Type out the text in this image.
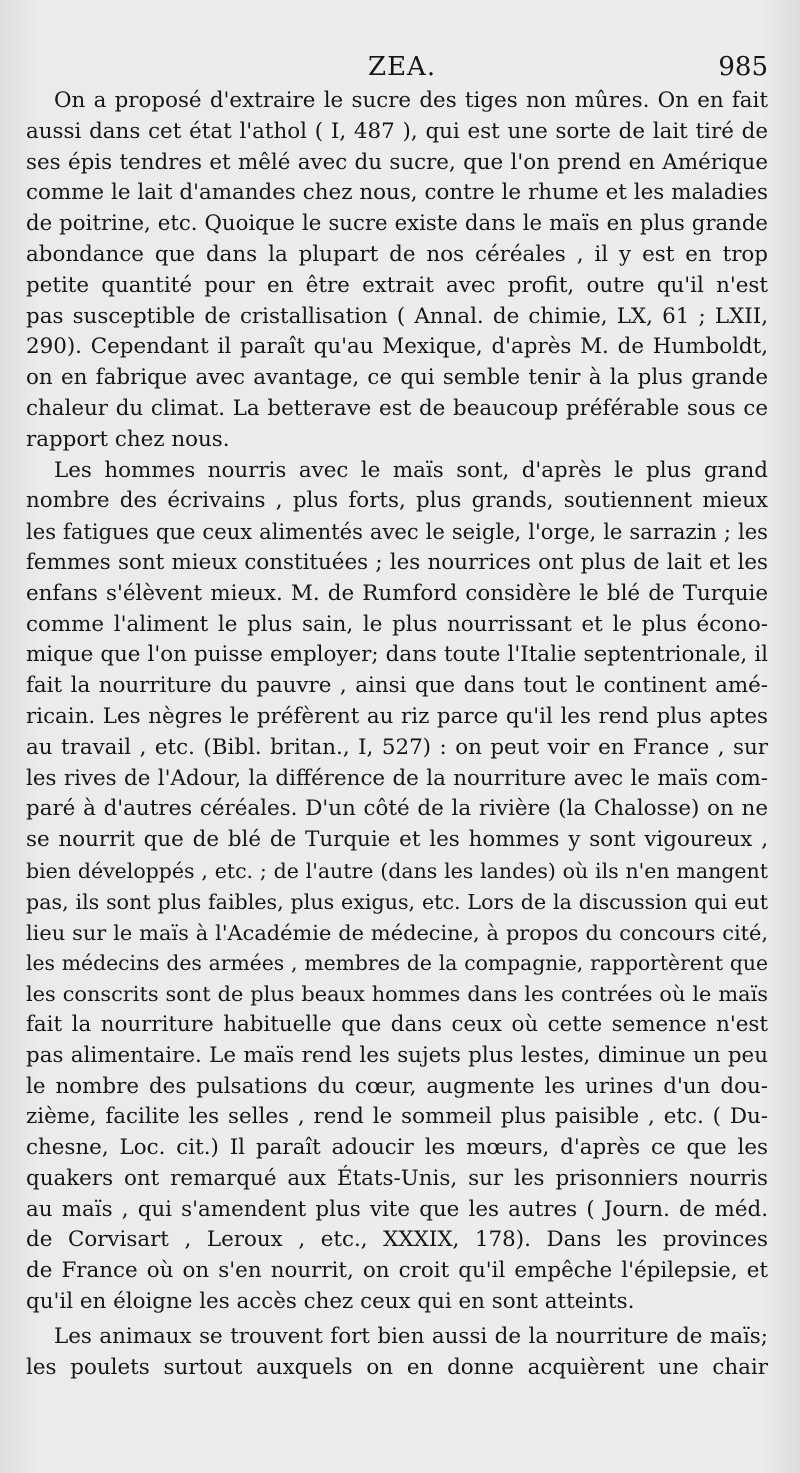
ZEA.	985
On a proposé d'extraire le sucre des tiges non mûres. On en fait
aussi dans cet état l'athol ( I, 487 ), qui est une sorte de lait tiré de
ses épis tendres et mêlé avec du sucre, que l'on prend en Amérique
comme le lait d'amandes chez nous, contre le rhume et les maladies
de poitrine, etc. Quoique le sucre existe dans le maïs en plus grande
abondance que dans la plupart de nos céréales , il y est en trop
petite quantité pour en être extrait avec profit, outre qu'il n'est
pas susceptible de cristallisation ( Annal. de chimie, LX, 61 ; LXII,
290). Cependant il paraît qu'au Mexique, d'après M. de Humboldt,
on en fabrique avec avantage, ce qui semble tenir à la plus grande
chaleur du climat. La betterave est de beaucoup préférable sous ce
rapport chez nous.
Les hommes nourris avec le maïs sont, d'après le plus grand
nombre des écrivains , plus forts, plus grands, soutiennent mieux
les fatigues que ceux alimentés avec le seigle, l'orge, le sarrazin ; les
femmes sont mieux constituées ; les nourrices ont plus de lait et les
enfans s'élèvent mieux. M. de Rumford considère le blé de Turquie
comme l'aliment le plus sain, le plus nourrissant et le plus écono-
mique que l'on puisse employer; dans toute l'Italie septentrionale, il
fait la nourriture du pauvre , ainsi que dans tout le continent amé-
ricain. Les nègres le préfèrent au riz parce qu'il les rend plus aptes
au travail , etc. (Bibl. britan., I, 527) : on peut voir en France , sur
les rives de l'Adour, la différence de la nourriture avec le maïs com-
paré à d'autres céréales. D'un côté de la rivière (la Chalosse) on ne
se nourrit que de blé de Turquie et les hommes y sont vigoureux ,
bien développés , etc. ; de l'autre (dans les landes) où ils n'en mangent
pas, ils sont plus faibles, plus exigus, etc. Lors de la discussion qui eut
lieu sur le maïs à l'Académie de médecine, à propos du concours cité,
les médecins des armées , membres de la compagnie, rapportèrent que
les conscrits sont de plus beaux hommes dans les contrées où le maïs
fait la nourriture habituelle que dans ceux où cette semence n'est
pas alimentaire. Le maïs rend les sujets plus lestes, diminue un peu
le nombre des pulsations du cœur, augmente les urines d'un dou-
zième, facilite les selles , rend le sommeil plus paisible , etc. ( Du-
chesne, Loc. cit.) Il paraît adoucir les mœurs, d'après ce que les
quakers ont remarqué aux États-Unis, sur les prisonniers nourris
au maïs , qui s'amendent plus vite que les autres ( Journ. de méd.
de Corvisart , Leroux , etc., XXXIX, 178). Dans les provinces
de France où on s'en nourrit, on croit qu'il empêche l'épilepsie, et
qu'il en éloigne les accès chez ceux qui en sont atteints.
Les animaux se trouvent fort bien aussi de la nourriture de maïs;
les poulets surtout auxquels on en donne acquièrent une chair
